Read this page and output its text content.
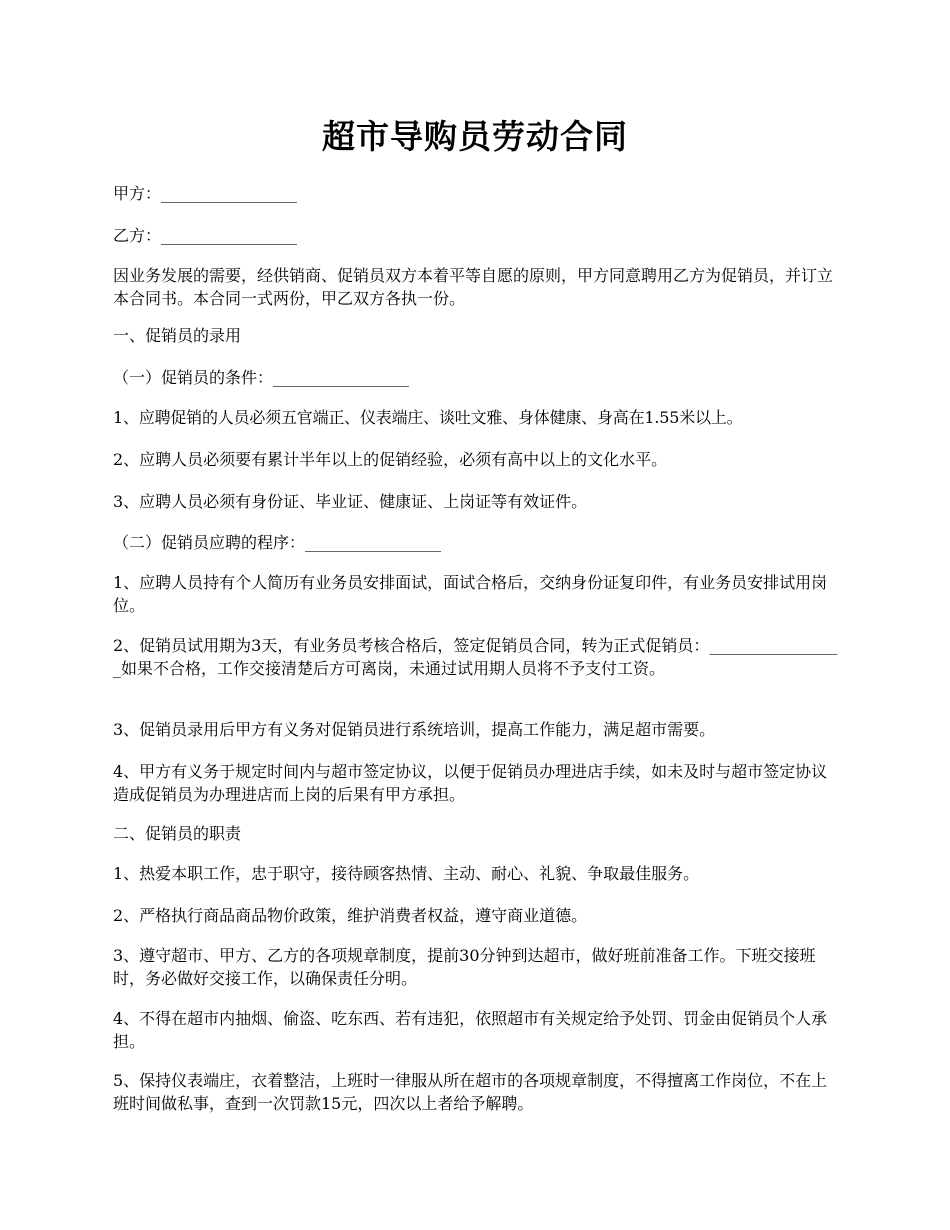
超市导购员劳动合同

甲方：_________________

乙方：_________________

因业务发展的需要，经供销商、促销员双方本着平等自愿的原则，甲方同意聘用乙方为促销员，并订立本合同书。本合同一式两份，甲乙双方各执一份。

一、促销员的录用

（一）促销员的条件：_________________

1、应聘促销的人员必须五官端正、仪表端庄、谈吐文雅、身体健康、身高在1.55米以上。

2、应聘人员必须要有累计半年以上的促销经验，必须有高中以上的文化水平。

3、应聘人员必须有身份证、毕业证、健康证、上岗证等有效证件。

（二）促销员应聘的程序：_________________

1、应聘人员持有个人简历有业务员安排面试，面试合格后，交纳身份证复印件，有业务员安排试用岗位。

2、促销员试用期为3天，有业务员考核合格后，签定促销员合同，转为正式促销员：_________________如果不合格，工作交接清楚后方可离岗，未通过试用期人员将不予支付工资。

3、促销员录用后甲方有义务对促销员进行系统培训，提高工作能力，满足超市需要。

4、甲方有义务于规定时间内与超市签定协议，以便于促销员办理进店手续，如未及时与超市签定协议造成促销员为办理进店而上岗的后果有甲方承担。

二、促销员的职责

1、热爱本职工作，忠于职守，接待顾客热情、主动、耐心、礼貌、争取最佳服务。

2、严格执行商品商品物价政策，维护消费者权益，遵守商业道德。

3、遵守超市、甲方、乙方的各项规章制度，提前30分钟到达超市，做好班前准备工作。下班交接班时，务必做好交接工作，以确保责任分明。

4、不得在超市内抽烟、偷盗、吃东西、若有违犯，依照超市有关规定给予处罚、罚金由促销员个人承担。

5、保持仪表端庄，衣着整洁，上班时一律服从所在超市的各项规章制度，不得擅离工作岗位，不在上班时间做私事，查到一次罚款15元，四次以上者给予解聘。
